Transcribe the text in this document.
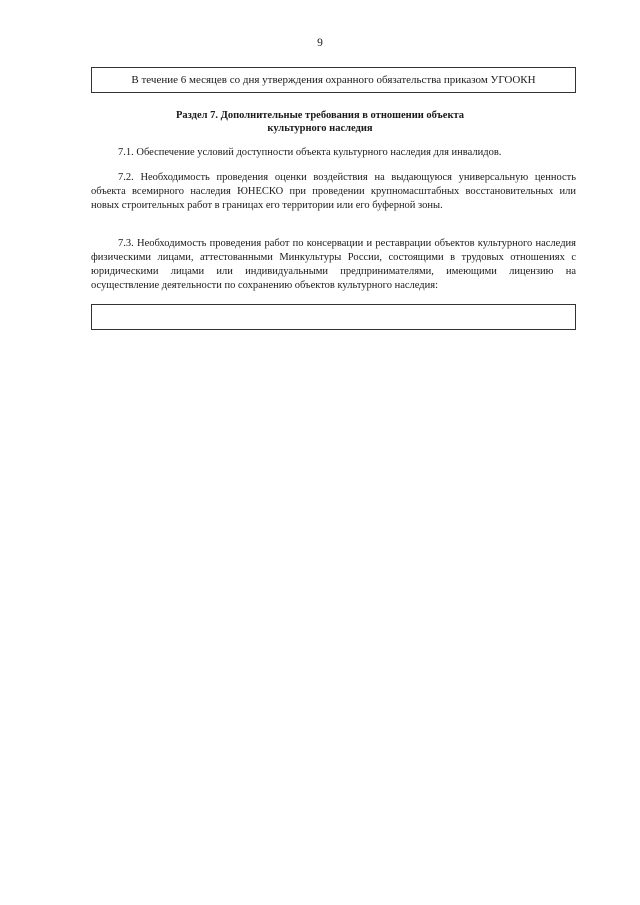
9
В течение 6 месяцев со дня утверждения охранного обязательства приказом УГООКН
Раздел 7. Дополнительные требования в отношении объекта
культурного наследия

7.1. Обеспечение условий доступности объекта культурного наследия для инвалидов.

7.2. Необходимость проведения оценки воздействия на выдающуюся универсальную ценность объекта всемирного наследия ЮНЕСКО при проведении крупномасштабных восстановительных или новых строительных работ в границах его территории или его буферной зоны.

7.3. Необходимость проведения работ по консервации и реставрации объектов культурного наследия физическими лицами, аттестованными Минкультуры России, состоящими в трудовых отношениях с юридическими лицами или индивидуальными предпринимателями, имеющими лицензию на осуществление деятельности по сохранению объектов культурного наследия:
